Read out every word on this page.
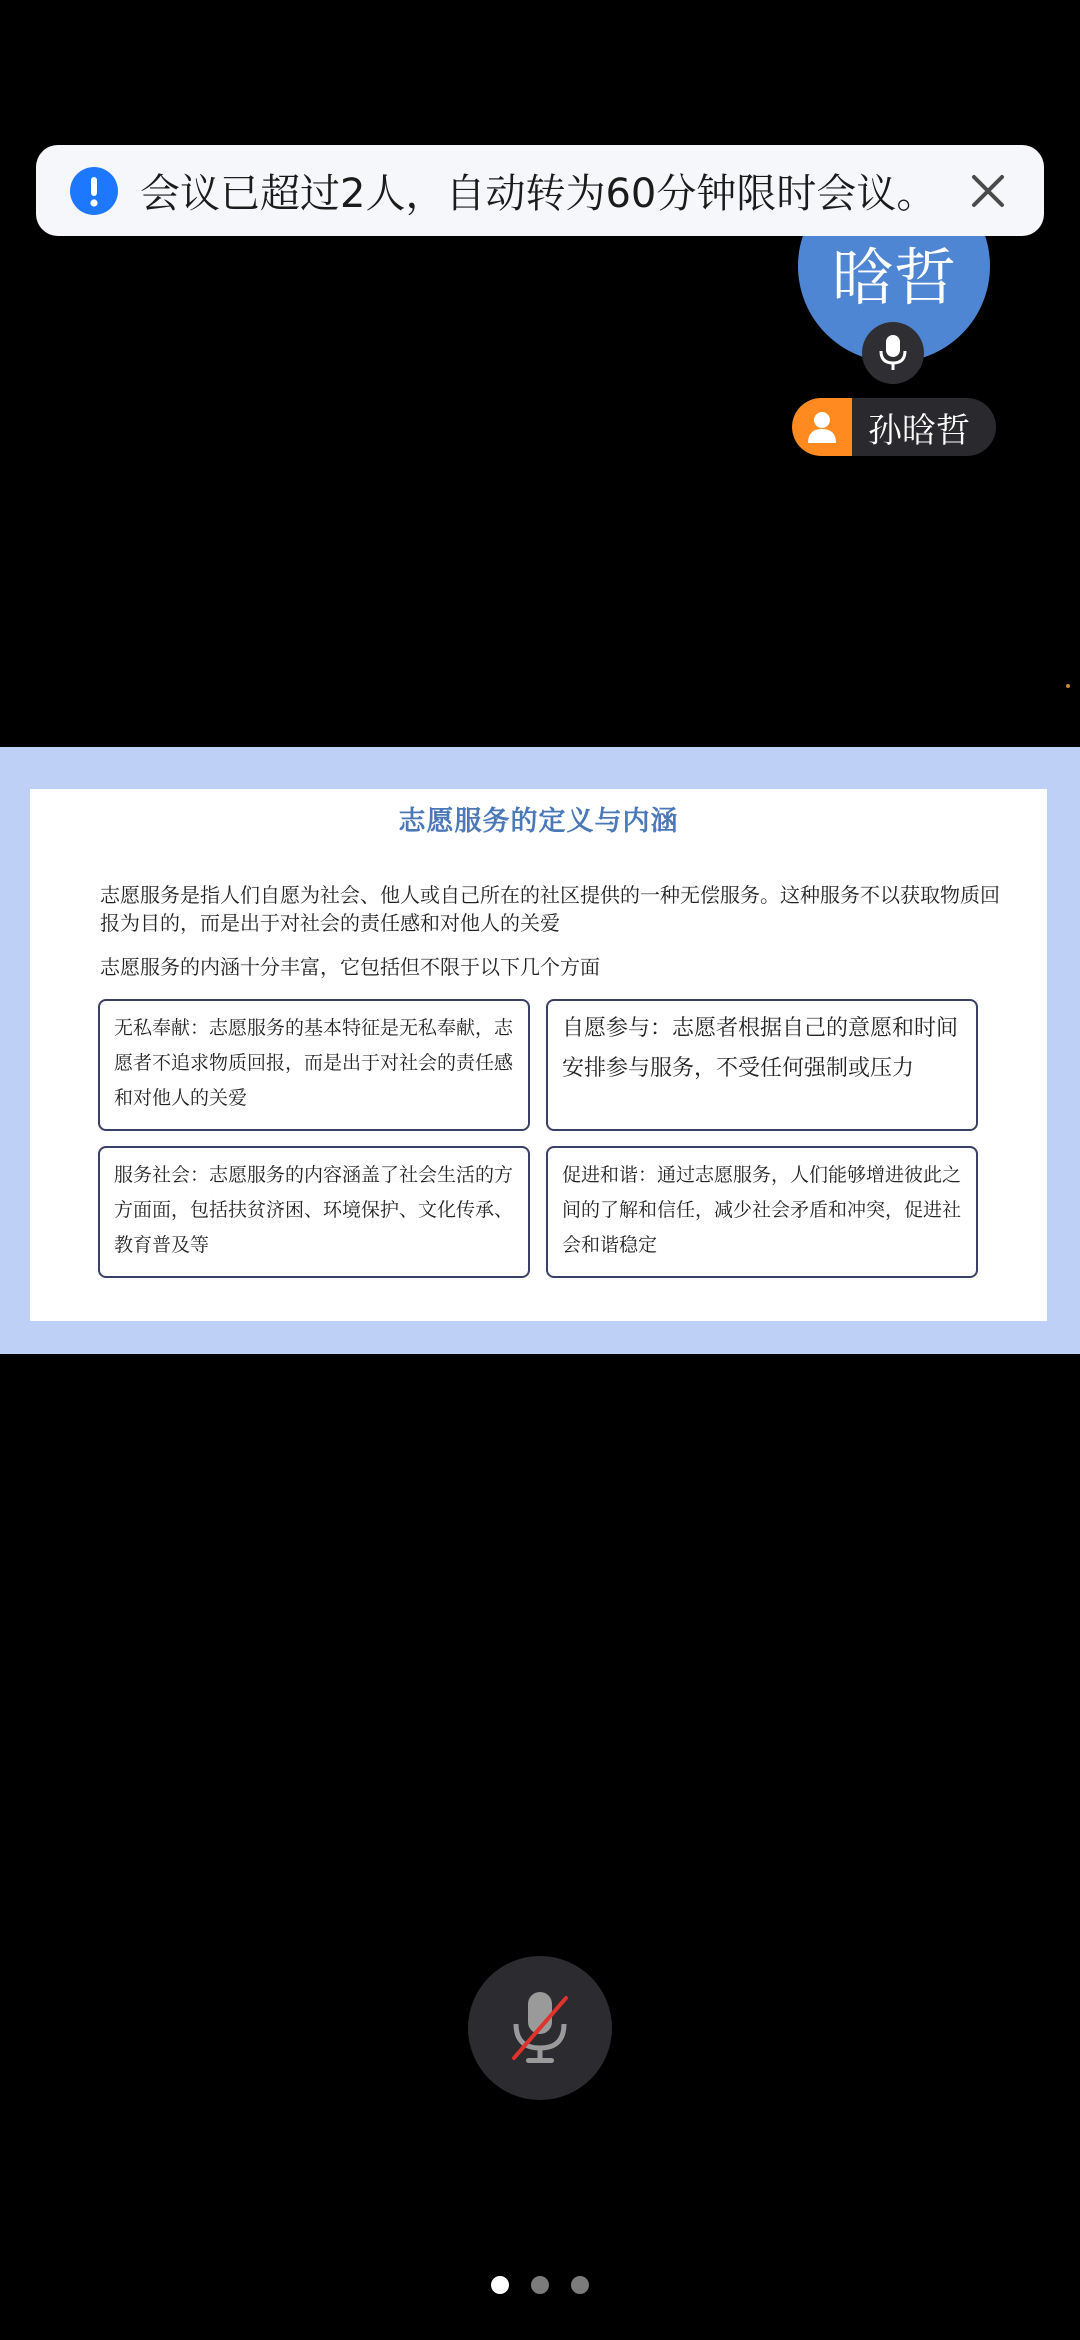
会议已超过2人，自动转为60分钟限时会议。
晗哲
孙晗哲
志愿服务的定义与内涵
志愿服务是指人们自愿为社会、他人或自己所在的社区提供的一种无偿服务。这种服务不以获取物质回报为目的，而是出于对社会的责任感和对他人的关爱
志愿服务的内涵十分丰富，它包括但不限于以下几个方面
无私奉献：志愿服务的基本特征是无私奉献，志愿者不追求物质回报，而是出于对社会的责任感和对他人的关爱
自愿参与：志愿者根据自己的意愿和时间安排参与服务，不受任何强制或压力
服务社会：志愿服务的内容涵盖了社会生活的方方面面，包括扶贫济困、环境保护、文化传承、教育普及等
促进和谐：通过志愿服务，人们能够增进彼此之间的了解和信任，减少社会矛盾和冲突，促进社会和谐稳定
